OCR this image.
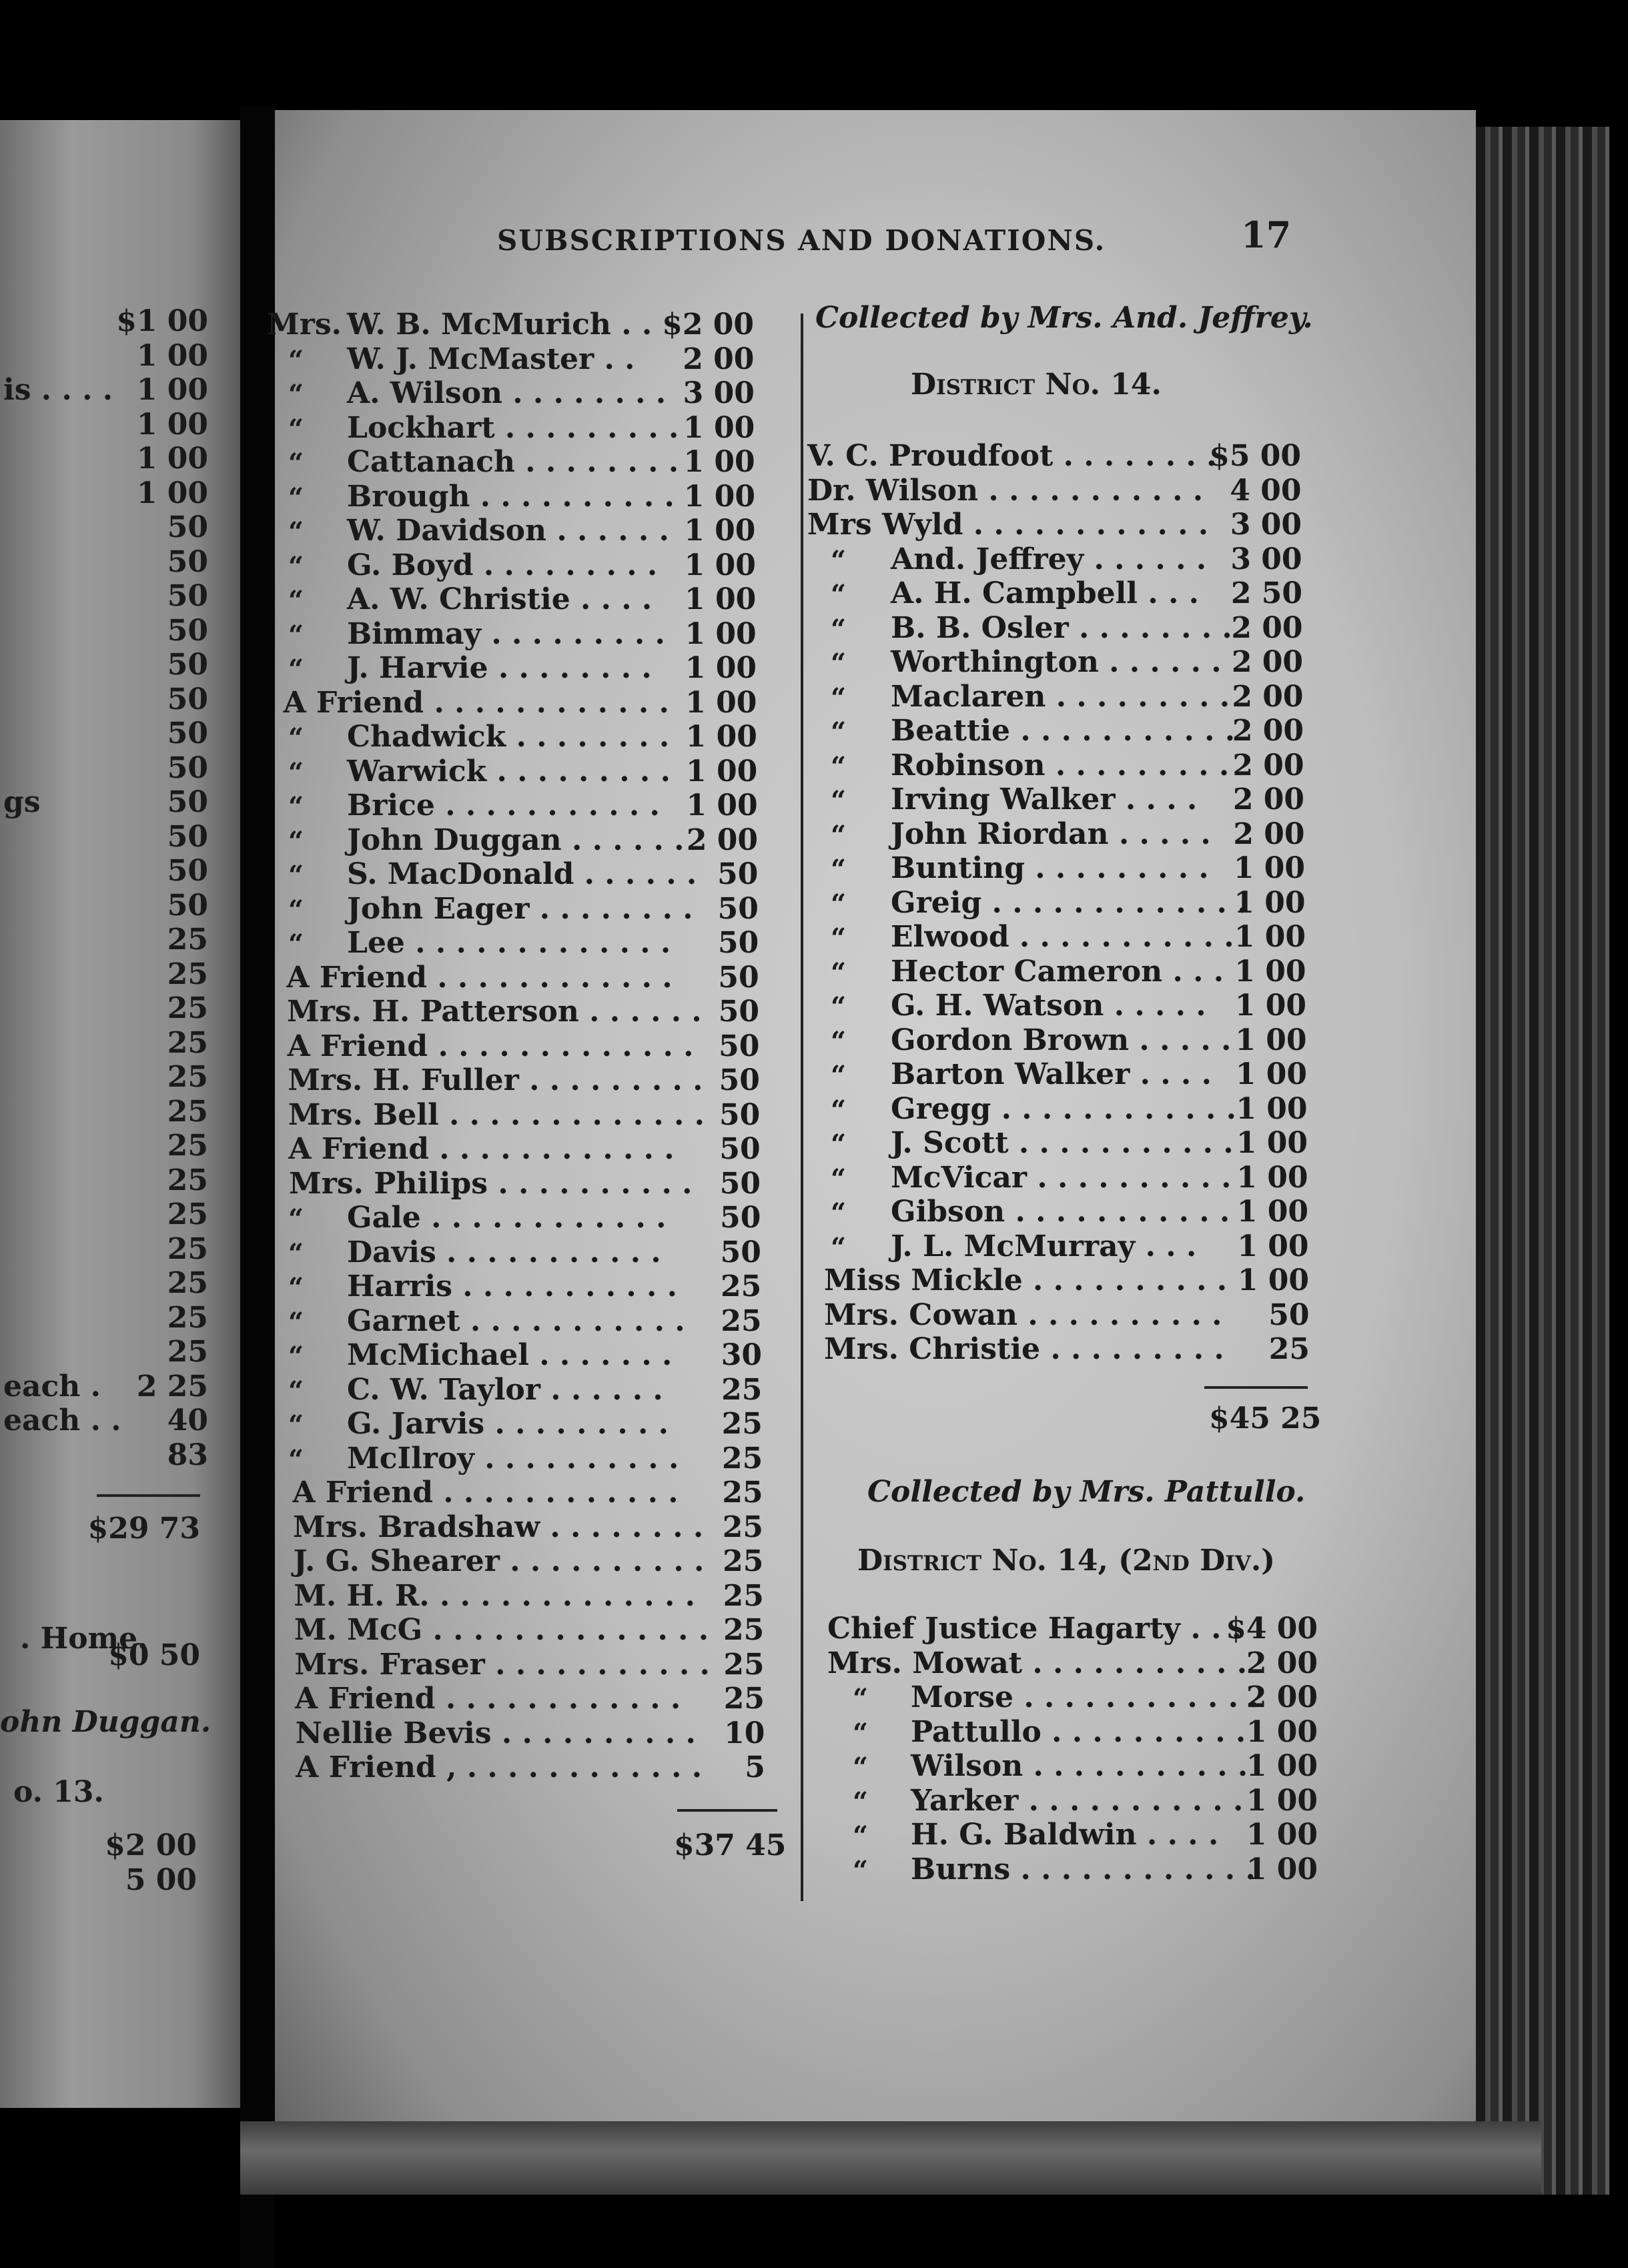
SUBSCRIPTIONS AND DONATIONS.	17
. Home.
ohn Duggan.
o. 13.
$37 45
Collected by Mrs. And. Jeffrey.
District No. 14.
$45 25
Collected by Mrs. Pattullo.
District No. 14, (2nd Div.)
$1 00
1 00
1 00
1 00
1 00
1 00
50
50
50
50
50
50
50
50
50
50
50
50
25
25
25
25
25
25
25
25
25
25
25
25
25
2 25
40
83
is . . . .
gs
each .
each . .
$29 73
$0 50
$2 00
5 00
Mrs. W. B. McMurich . . $2 00
“ W. J. McMaster . . 2 00
“ A. Wilson . . . . . . . . 3 00
“ Lockhart . . . . . . . . . 1 00
“ Cattanach . . . . . . . . 1 00
“ Brough . . . . . . . . . . 1 00
“ W. Davidson . . . . . . 1 00
“ G. Boyd . . . . . . . . . 1 00
“ A. W. Christie . . . . 1 00
“ Bimmay . . . . . . . . . 1 00
“ J. Harvie . . . . . . . . 1 00
A Friend . . . . . . . . . . . . 1 00
“ Chadwick . . . . . . . . 1 00
“ Warwick . . . . . . . . . 1 00
“ Brice . . . . . . . . . . . 1 00
“ John Duggan . . . . . . 2 00
“ S. MacDonald . . . . . . 50
“ John Eager . . . . . . . . 50
“ Lee . . . . . . . . . . . . . 50
A Friend . . . . . . . . . . . . 50
Mrs. H. Patterson . . . . . . 50
A Friend . . . . . . . . . . . . . 50
Mrs. H. Fuller . . . . . . . . . 50
Mrs. Bell . . . . . . . . . . . . . 50
A Friend . . . . . . . . . . . . 50
Mrs. Philips . . . . . . . . . . 50
“ Gale . . . . . . . . . . . . 50
“ Davis . . . . . . . . . . . 50
“ Harris . . . . . . . . . . . 25
“ Garnet . . . . . . . . . . . 25
“ McMichael . . . . . . . 30
“ C. W. Taylor . . . . . . 25
“ G. Jarvis . . . . . . . . . 25
“ McIlroy . . . . . . . . . . 25
A Friend . . . . . . . . . . . . 25
Mrs. Bradshaw . . . . . . . . 25
J. G. Shearer . . . . . . . . . . 25
M. H. R. . . . . . . . . . . . . . 25
M. McG . . . . . . . . . . . . . . 25
Mrs. Fraser . . . . . . . . . . . 25
A Friend . . . . . . . . . . . . 25
Nellie Bevis . . . . . . . . . . 10
A Friend , . . . . . . . . . . . . 5
V. C. Proudfoot . . . . . . . .
$5 00
Dr. Wilson . . . . . . . . . . . 4 00
Mrs Wyld . . . . . . . . . . . . 3 00
“ And. Jeffrey . . . . . . 3 00
“ A. H. Campbell . . . 2 50
“ B. B. Osler . . . . . . . .
2 00
“ Worthington . . . . . . 2 00
“ Maclaren . . . . . . . . . 2 00
“ Beattie . . . . . . . . . . .
2 00
“ Robinson . . . . . . . . . 2 00
“ Irving Walker . . . . 2 00
“ John Riordan . . . . . 2 00
“ Bunting . . . . . . . . . 1 00
“ Greig . . . . . . . . . . . . .
1 00
“ Elwood . . . . . . . . . . . 1 00
“ Hector Cameron . . . 1 00
“ G. H. Watson . . . . . 1 00
“ Gordon Brown . . . . . 1 00
“ Barton Walker . . . . 1 00
“ Gregg . . . . . . . . . . . . 1 00
“ J. Scott . . . . . . . . . . . 1 00
“ McVicar . . . . . . . . . . 1 00
“ Gibson . . . . . . . . . . . 1 00
“ J. L. McMurray . . . 1 00
Miss Mickle . . . . . . . . . . 1 00
Mrs. Cowan . . . . . . . . . . 50
Mrs. Christie . . . . . . . . . 25
Chief Justice Hagarty . . .
$4 00
Mrs. Mowat . . . . . . . . . . .
2 00
“ Morse . . . . . . . . . . . .
2 00
“ Pattullo . . . . . . . . . . 1 00
“ Wilson . . . . . . . . . . .
1 00
“ Yarker . . . . . . . . . . . 1 00
“ H. G. Baldwin . . . . 1 00
“ Burns . . . . . . . . . . . .
1 00
